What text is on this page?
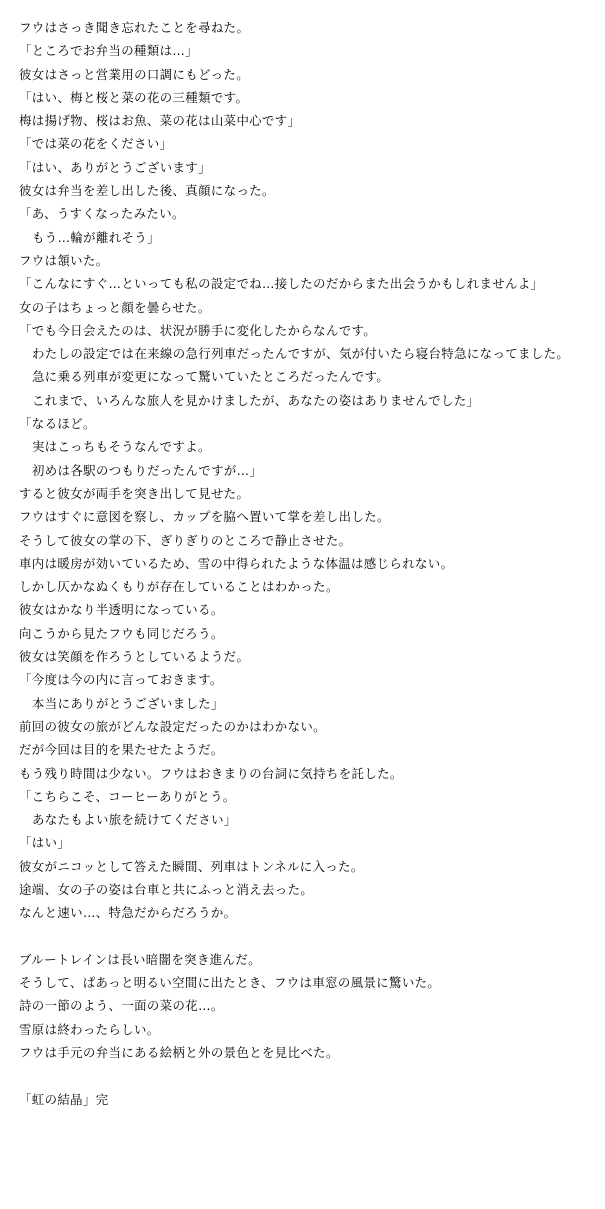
フウはさっき聞き忘れたことを尋ねた。
「ところでお弁当の種類は…」
彼女はさっと営業用の口調にもどった。
「はい、梅と桜と菜の花の三種類です。
梅は揚げ物、桜はお魚、菜の花は山菜中心です」
「では菜の花をください」
「はい、ありがとうございます」
彼女は弁当を差し出した後、真顔になった。
「あ、うすくなったみたい。
もう…輪が離れそう」
フウは頷いた。
「こんなにすぐ…といっても私の設定でね…接したのだからまた出会うかもしれませんよ」
女の子はちょっと顔を曇らせた。
「でも今日会えたのは、状況が勝手に変化したからなんです。
わたしの設定では在来線の急行列車だったんですが、気が付いたら寝台特急になってました。
急に乗る列車が変更になって驚いていたところだったんです。
これまで、いろんな旅人を見かけましたが、あなたの姿はありませんでした」
「なるほど。
実はこっちもそうなんですよ。
初めは各駅のつもりだったんですが…」
すると彼女が両手を突き出して見せた。
フウはすぐに意図を察し、カップを脇へ置いて掌を差し出した。
そうして彼女の掌の下、ぎりぎりのところで静止させた。
車内は暖房が効いているため、雪の中得られたような体温は感じられない。
しかし仄かなぬくもりが存在していることはわかった。
彼女はかなり半透明になっている。
向こうから見たフウも同じだろう。
彼女は笑顔を作ろうとしているようだ。
「今度は今の内に言っておきます。
本当にありがとうございました」
前回の彼女の旅がどんな設定だったのかはわかない。
だが今回は目的を果たせたようだ。
もう残り時間は少ない。フウはおきまりの台詞に気持ちを託した。
「こちらこそ、コーヒーありがとう。
あなたもよい旅を続けてください」
「はい」
彼女がニコッとして答えた瞬間、列車はトンネルに入った。
途端、女の子の姿は台車と共にふっと消え去った。
なんと速い…、特急だからだろうか。
ブルートレインは長い暗闇を突き進んだ。
そうして、ぱあっと明るい空間に出たとき、フウは車窓の風景に驚いた。
詩の一節のよう、一面の菜の花…。
雪原は終わったらしい。
フウは手元の弁当にある絵柄と外の景色とを見比べた。
「虹の結晶」完
